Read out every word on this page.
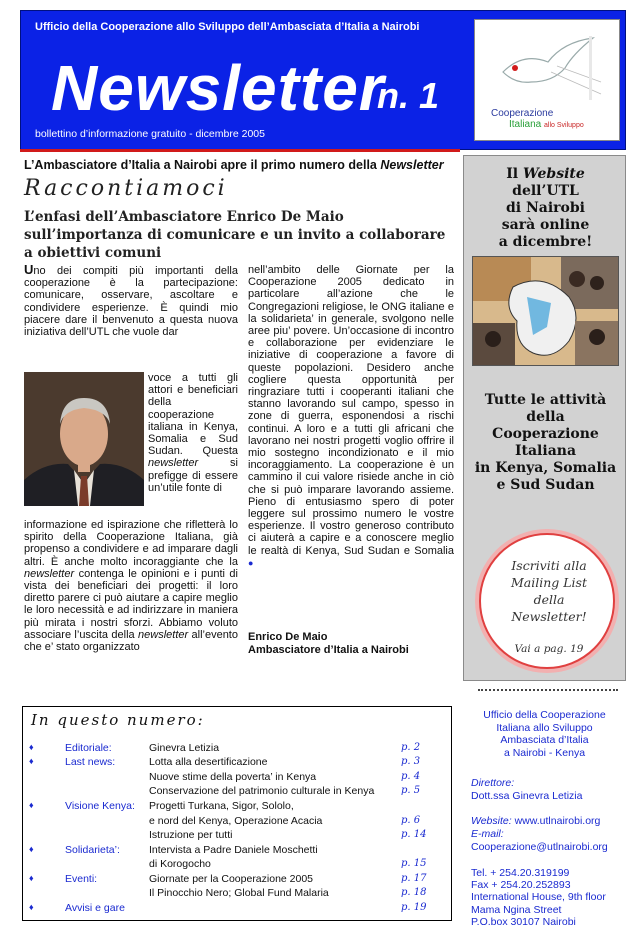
Ufficio della Cooperazione allo Sviluppo dell’Ambasciata d’Italia a Nairobi
Newsletter
n. 1
bollettino d’informazione gratuito - dicembre 2005
Cooperazione
Italiana allo Sviluppo
L’Ambasciatore d’Italia a Nairobi apre il primo numero della Newsletter
Raccontiamoci
L’enfasi dell’Ambasciatore Enrico De Maio sull’importanza di comunicare e un invito a collaborare a obiettivi comuni
Uno dei compiti più importanti della cooperazione è la partecipazione: comunicare, osservare, ascoltare e condividere esperienze. È quindi mio piacere dare il benvenuto a questa nuova iniziativa dell’UTL che vuole dar
voce a tutti gli attori e beneficiari della cooperazione italiana in Kenya, Somalia e Sud Sudan. Questa newsletter si prefigge di essere un’utile fonte di
informazione ed ispirazione che rifletterà lo spirito della Cooperazione Italiana, già propenso a condividere e ad imparare dagli altri. È anche molto incoraggiante che la newsletter contenga le opinioni e i punti di vista dei beneficiari dei progetti: il loro diretto parere ci può aiutare a capire meglio le loro necessità e ad indirizzare in maniera più mirata i nostri sforzi. Abbiamo voluto associare l’uscita della newsletter all’evento che e’ stato organizzato
nell’ambito delle Giornate per la Cooperazione 2005 dedicato in particolare all’azione che le Congregazioni religiose, le ONG italiane e la solidarieta’ in generale, svolgono nelle aree piu’ povere. Un’occasione di incontro e collaborazione per evidenziare le iniziative di cooperazione a favore di queste popolazioni. Desidero anche cogliere questa opportunità per ringraziare tutti i cooperanti italiani che stanno lavorando sul campo, spesso in zone di guerra, esponendosi a rischi continui. A loro e a tutti gli africani che lavorano nei nostri progetti voglio offrire il mio sostegno incondizionato e il mio incoraggiamento. La cooperazione è un cammino il cui valore risiede anche in ciò che si può imparare lavorando assieme. Pieno di entusiasmo spero di poter leggere sul prossimo numero le vostre esperienze. Il vostro generoso contributo ci aiuterà a capire e a conoscere meglio le realtà di Kenya, Sud Sudan e Somalia ●
Enrico De Maio
Ambasciatore d’Italia a Nairobi
In questo numero:
♦	Editoriale:	Ginevra Letizia	p. 2
♦	Last news:	Lotta alla desertificazione	p. 3
Nuove stime della poverta’ in Kenya	p. 4
Conservazione del patrimonio culturale in Kenya	p. 5
♦	Visione Kenya: Progetti Turkana, Sigor, Sololo,
e nord del Kenya, Operazione Acacia	p. 6
Istruzione per tutti	p. 14
♦	Solidarieta’:	Intervista a Padre Daniele Moschetti
di Korogocho	p. 15
♦	Eventi:	Giornate per la Cooperazione 2005	p. 17
Il Pinocchio Nero; Global Fund Malaria	p. 18
♦	Avvisi e gare	p. 19
Il Website
dell’UTL
di Nairobi
sarà online
a dicembre!
Tutte le attività
della
Cooperazione
Italiana
in Kenya, Somalia
e Sud Sudan
Iscriviti alla
Mailing List
della
Newsletter!
Vai a pag. 19
Ufficio della Cooperazione
Italiana allo Sviluppo
Ambasciata d’Italia
a Nairobi - Kenya
Direttore:
Dott.ssa Ginevra Letizia
Website: www.utlnairobi.org
E-mail:
Cooperazione@utlnairobi.org
Tel. + 254.20.319199
Fax + 254.20.252893
International House, 9th floor
Mama Ngina Street
P.O.box 30107 Nairobi
